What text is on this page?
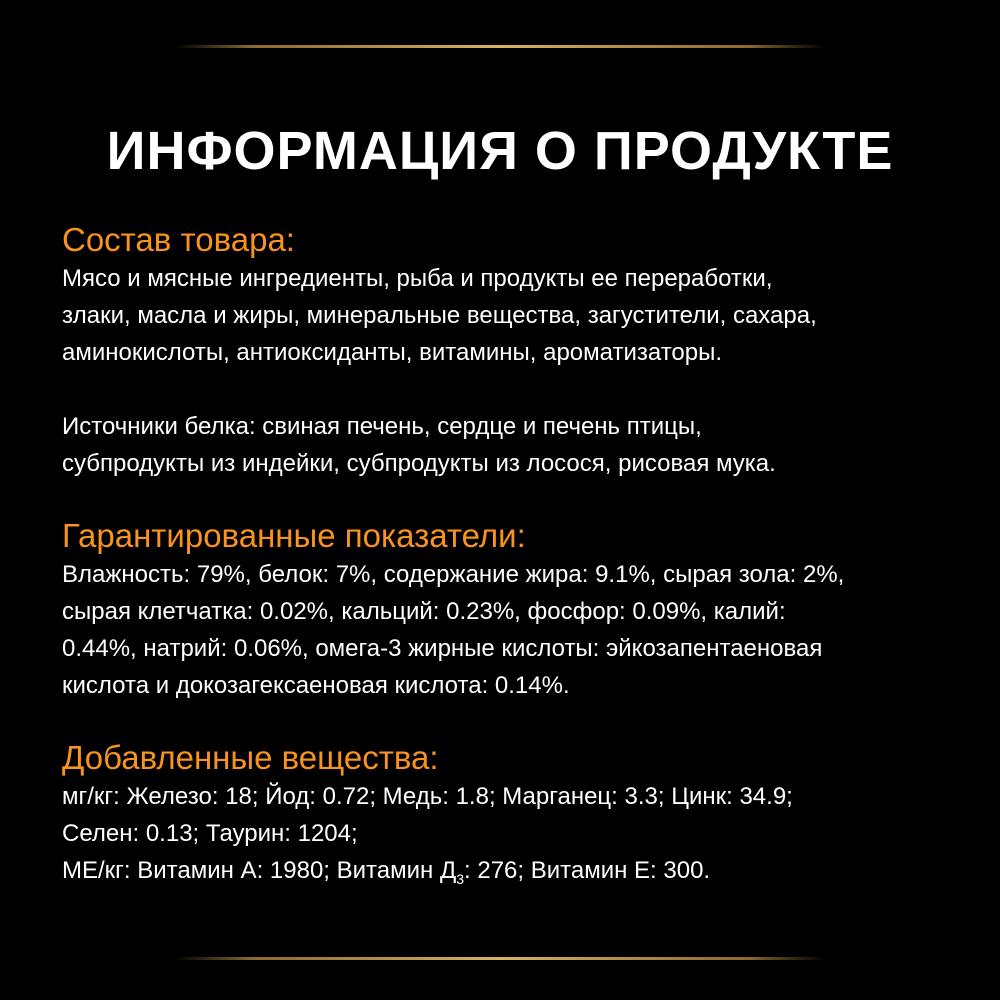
ИНФОРМАЦИЯ О ПРОДУКТЕ
Состав товара:

Мясо и мясные ингредиенты, рыба и продукты ее переработки,
злаки, масла и жиры, минеральные вещества, загустители, сахара,
аминокислоты, антиоксиданты, витамины, ароматизаторы.

Источники белка: свиная печень, сердце и печень птицы,
субпродукты из индейки, субпродукты из лосося, рисовая мука.

Гарантированные показатели:

Влажность: 79%, белок: 7%, содержание жира: 9.1%, сырая зола: 2%,
сырая клетчатка: 0.02%, кальций: 0.23%, фосфор: 0.09%, калий:
0.44%, натрий: 0.06%, омега-3 жирные кислоты: эйкозапентаеновая
кислота и докозагексаеновая кислота: 0.14%.

Добавленные вещества:

мг/кг: Железо: 18; Йод: 0.72; Медь: 1.8; Марганец: 3.3; Цинк: 34.9;
Селен: 0.13; Таурин: 1204;
МЕ/кг: Витамин А: 1980; Витамин $Д_3$: 276; Витамин Е: 300.
